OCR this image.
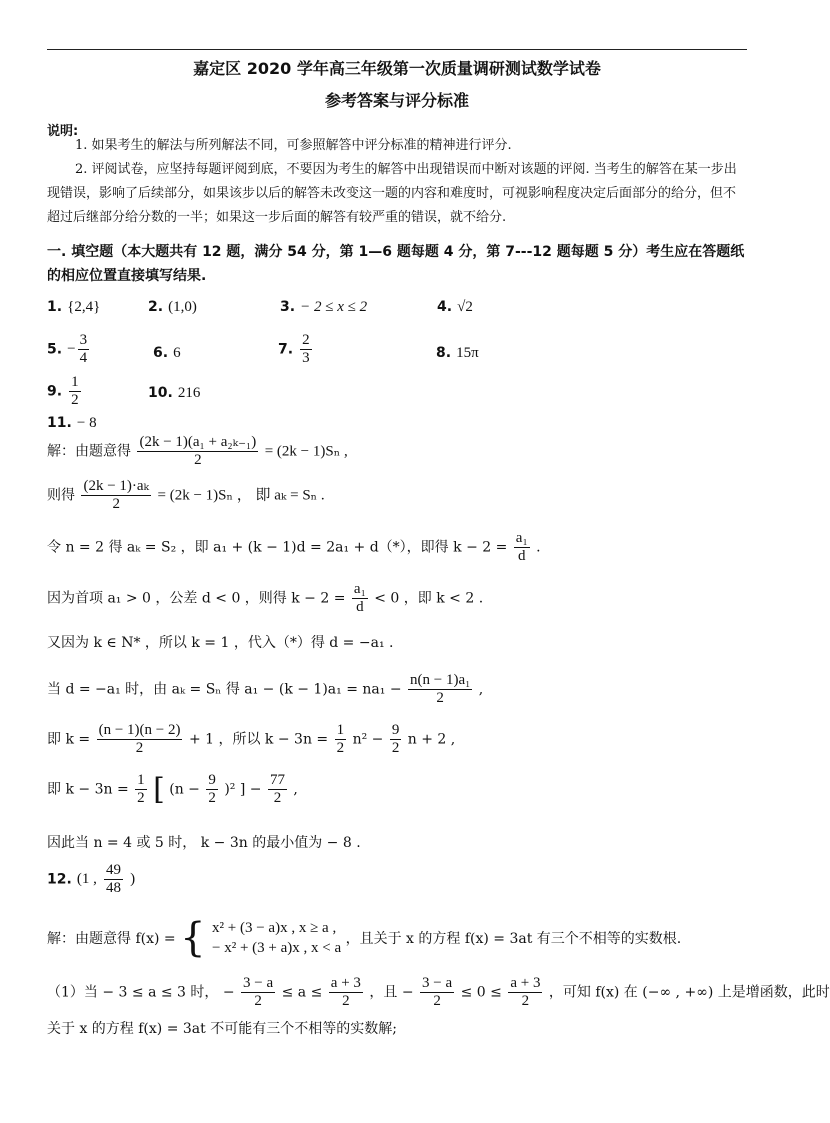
嘉定区 2020 学年高三年级第一次质量调研测试数学试卷
参考答案与评分标准
说明:
1. 如果考生的解法与所列解法不同，可参照解答中评分标准的精神进行评分.
2. 评阅试卷，应坚持每题评阅到底，不要因为考生的解答中出现错误而中断对该题的评阅. 当考生的解答在某一步出现错误，影响了后续部分，如果该步以后的解答未改变这一题的内容和难度时，可视影响程度决定后面部分的给分，但不超过后继部分给分数的一半；如果这一步后面的解答有较严重的错误，就不给分.
一. 填空题（本大题共有 12 题，满分 54 分，第 1—6 题每题 4 分，第 7---12 题每题 5 分）考生应在答题纸的相应位置直接填写结果.
1. {2,4}	2. (1,0)	3. − 2 ≤ x ≤ 2	4. √2
5. − $\frac{3}{4}$	6. 6	7. $\frac{2}{3}$	8. 15π
9. $\frac{1}{2}$	10. 216
11. − 8
解：由题意得 $\frac{\text{(2k − 1)(a₁ + a₂ₖ₋₁)}}{2} = (2k - 1)S_n$ ,
则得 $\frac{\text{(2k − 1)·aₖ}}{2} = (2k - 1)S_n$ ， 即 aₖ = Sₙ .
令 n = 2 得 aₖ = S₂ ，即 a₁ + (k − 1)d = 2a₁ + d（*），即得 $k - 2 = \frac{\text{a₁}}{d}$ .
因为首项 a₁ > 0 ，公差 d < 0 ，则得 $k - 2 = \frac{\text{a₁}}{d} < 0$ ，即 k < 2 .
又因为 k ∈ N* ，所以 k = 1 ，代入（*）得 d = −a₁ .
当 d = −a₁ 时，由 aₖ = Sₙ 得 $a_1 - (k - 1)a_1 = na_1 - \frac{\text{n(n − 1)a₁}}{2}$ ,
即 $k = \frac{(n - 1)(n - 2)}{2} + 1$ ，所以 $k - 3n = \frac{1}{2} n^2 - \frac{9}{2}$ n + 2 ,
即 $k - 3n = \frac{1}{2}$ [ $(n - \frac{9}{2} )^2$ ] − $\frac{77}{2}$ ,
因此当 n = 4 或 5 时， k − 3n 的最小值为 − 8 .
12. (1 , $\frac{49}{48}$ )
解：由题意得 f(x) = { x² + (3 − a)x , x ≥ a ,
− x² + (3 + a)x , x < a
，且关于 x 的方程 f(x) = 3at 有三个不相等的实数根.
（1）当 − 3 ≤ a ≤ 3 时， − $\frac{3 - a}{2} \le a \le \frac{a + 3}{2}$ ，且 − $\frac{3 - a}{2} \le 0 \le \frac{a + 3}{2}$ ，可知 f(x) 在 (−∞ , +∞) 上是增函数，此时
关于 x 的方程 f(x) = 3at 不可能有三个不相等的实数解;
